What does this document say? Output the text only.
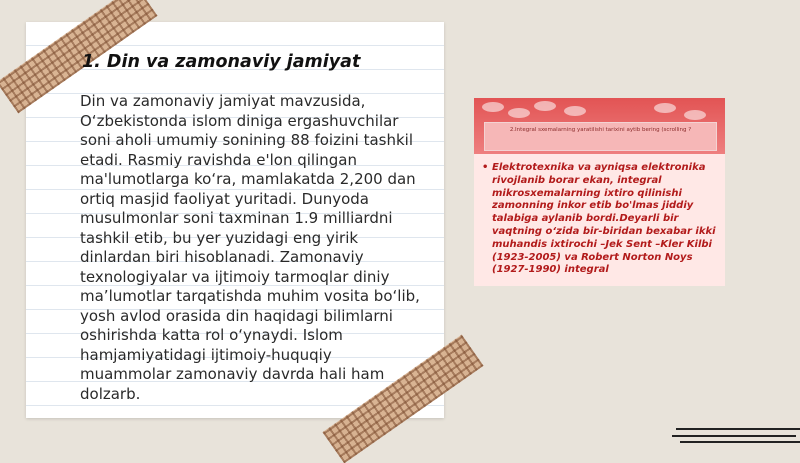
1. Din va zamonaviy jamiyat

Din va zamonaviy jamiyat mavzusida, O‘zbekistonda islom diniga ergashuvchilar soni aholi umumiy sonining 88 foizini tashkil etadi. Rasmiy ravishda e'lon qilingan ma'lumotlarga ko‘ra, mamlakatda 2,200 dan ortiq masjid faoliyat yuritadi. Dunyoda musulmonlar soni taxminan 1.9 milliardni tashkil etib, bu yer yuzidagi eng yirik dinlardan biri hisoblanadi. Zamonaviy texnologiyalar va ijtimoiy tarmoqlar diniy ma’lumotlar tarqatishda muhim vosita bo‘lib, yosh avlod orasida din haqidagi bilimlarni oshirishda katta rol o‘ynaydi. Islom hamjamiyatidagi ijtimoiy-huquqiy muammolar zamonaviy davrda hali ham dolzarb.

2.Integral sxemalarning yaratilishi tarixini aytib bering (scrolling ?
• Elektrotexnika va ayniqsa elektronika rivojlanib borar ekan, integral mikrosxemalarning ixtiro qilinishi zamonning inkor etib bo'lmas jiddiy talabiga aylanib bordi.Deyarli bir vaqtning o‘zida bir-biridan bexabar ikki muhandis ixtirochi –Jek Sent –Kler Kilbi (1923-2005) va Robert Norton Noys (1927-1990) integral
